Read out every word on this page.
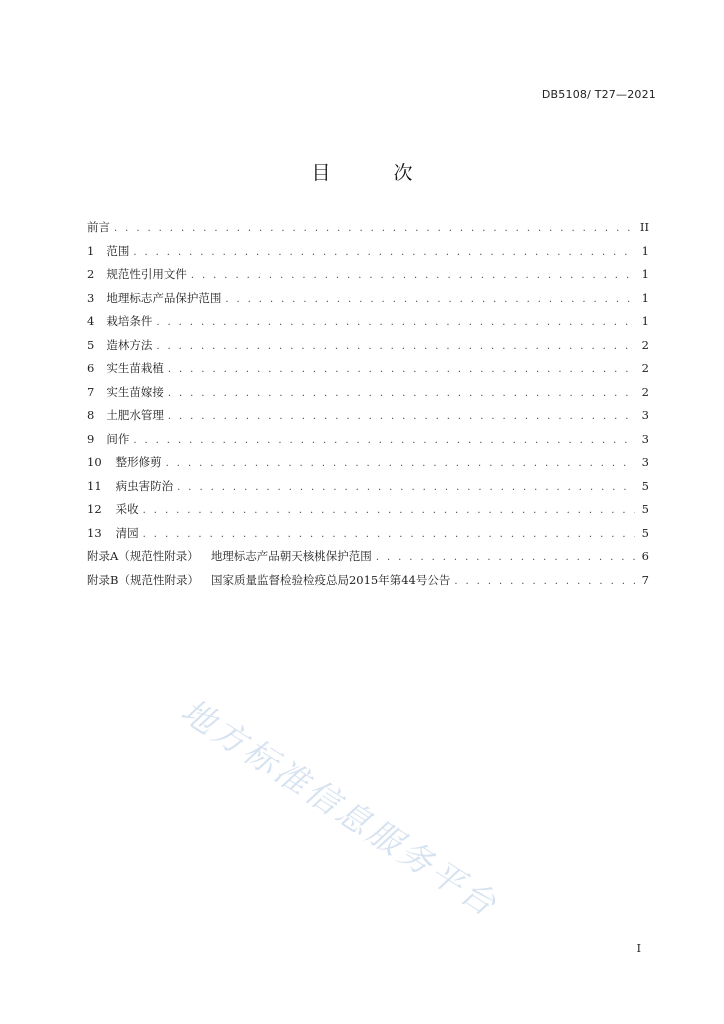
DB5108/ T27—2021
目　次
前言 . . .	II
1 范围 . . .	1
2 规范性引用文件 . . .	1
3 地理标志产品保护范围 . . .	1
4 栽培条件 . . .	1
5 造林方法 . . .	2
6 实生苗栽植 . . .	2
7 实生苗嫁接 . . .	2
8 土肥水管理 . . .	3
9 间作 . . .	3
10 整形修剪 . . .	3
11 病虫害防治 . . .	5
12 采收 . . .	5
13 清园 . . .	5
附录A（规范性附录） 地理标志产品朝天核桃保护范围 . . .	6
附录B（规范性附录） 国家质量监督检验检疫总局2015年第44号公告 . . .	7
地方标准信息服务平台
I
